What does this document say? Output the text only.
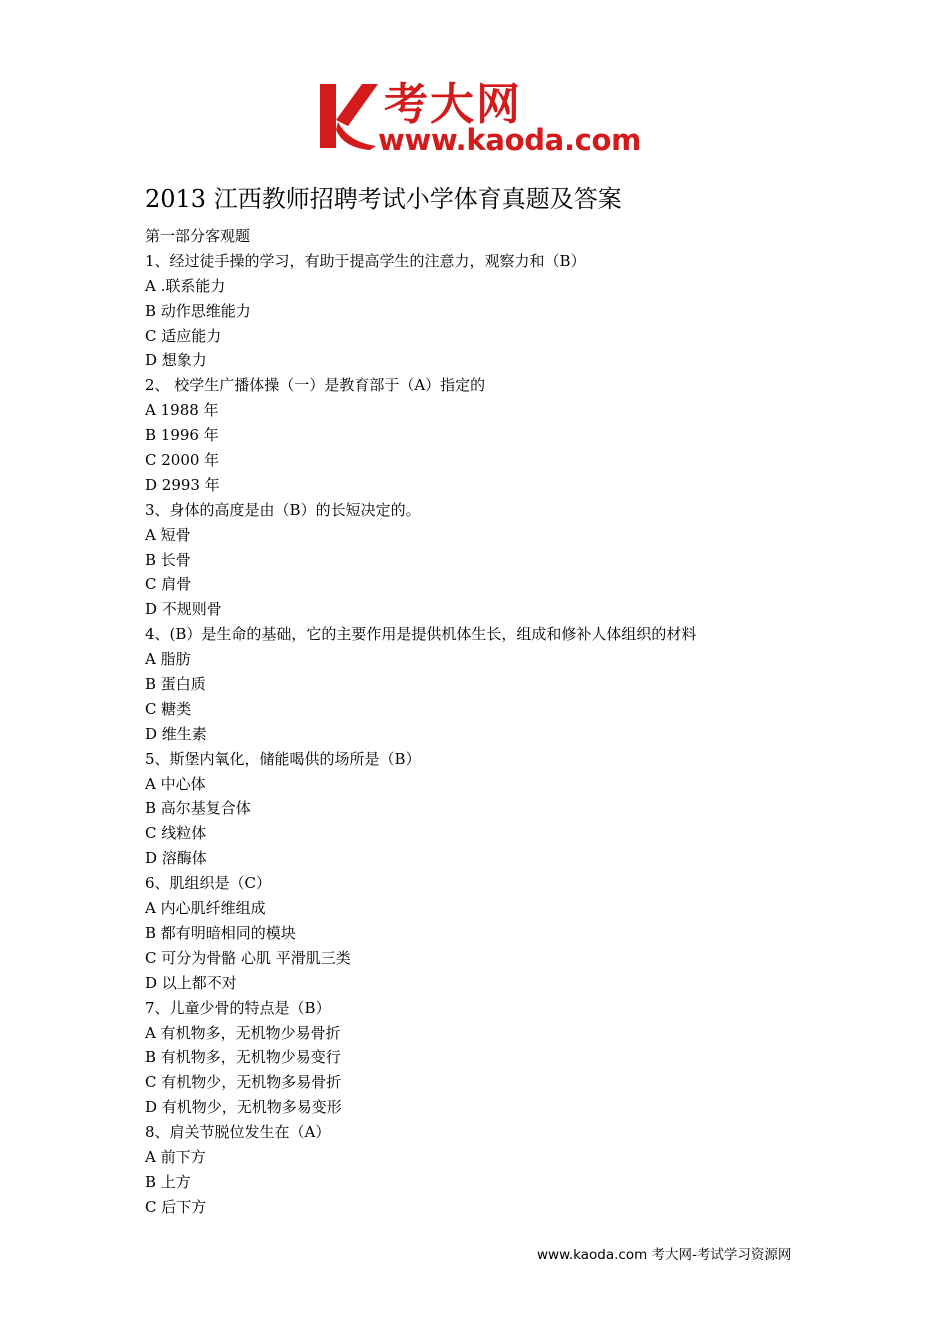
考大网
www.kaoda.com
2013 江西教师招聘考试小学体育真题及答案
第一部分客观题
1、经过徒手操的学习，有助于提高学生的注意力，观察力和（B）
A .联系能力
B 动作思维能力
C 适应能力
D 想象力
2、 校学生广播体操（一）是教育部于（A）指定的
A 1988 年
B 1996 年
C 2000 年
D 2993 年
3、身体的高度是由（B）的长短决定的。
A 短骨
B 长骨
C 肩骨
D 不规则骨
4、(B）是生命的基础，它的主要作用是提供机体生长，组成和修补人体组织的材料
A 脂肪
B 蛋白质
C 糖类
D 维生素
5、斯堡内氧化，储能喝供的场所是（B）
A 中心体
B 高尔基复合体
C 线粒体
D 溶酶体
6、肌组织是（C）
A 内心肌纤维组成
B 都有明暗相同的模块
C 可分为骨骼 心肌 平滑肌三类
D 以上都不对
7、儿童少骨的特点是（B）
A 有机物多，无机物少易骨折
B 有机物多，无机物少易变行
C 有机物少，无机物多易骨折
D 有机物少，无机物多易变形
8、肩关节脱位发生在（A）
A 前下方
B 上方
C 后下方
www.kaoda.com 考大网-考试学习资源网
